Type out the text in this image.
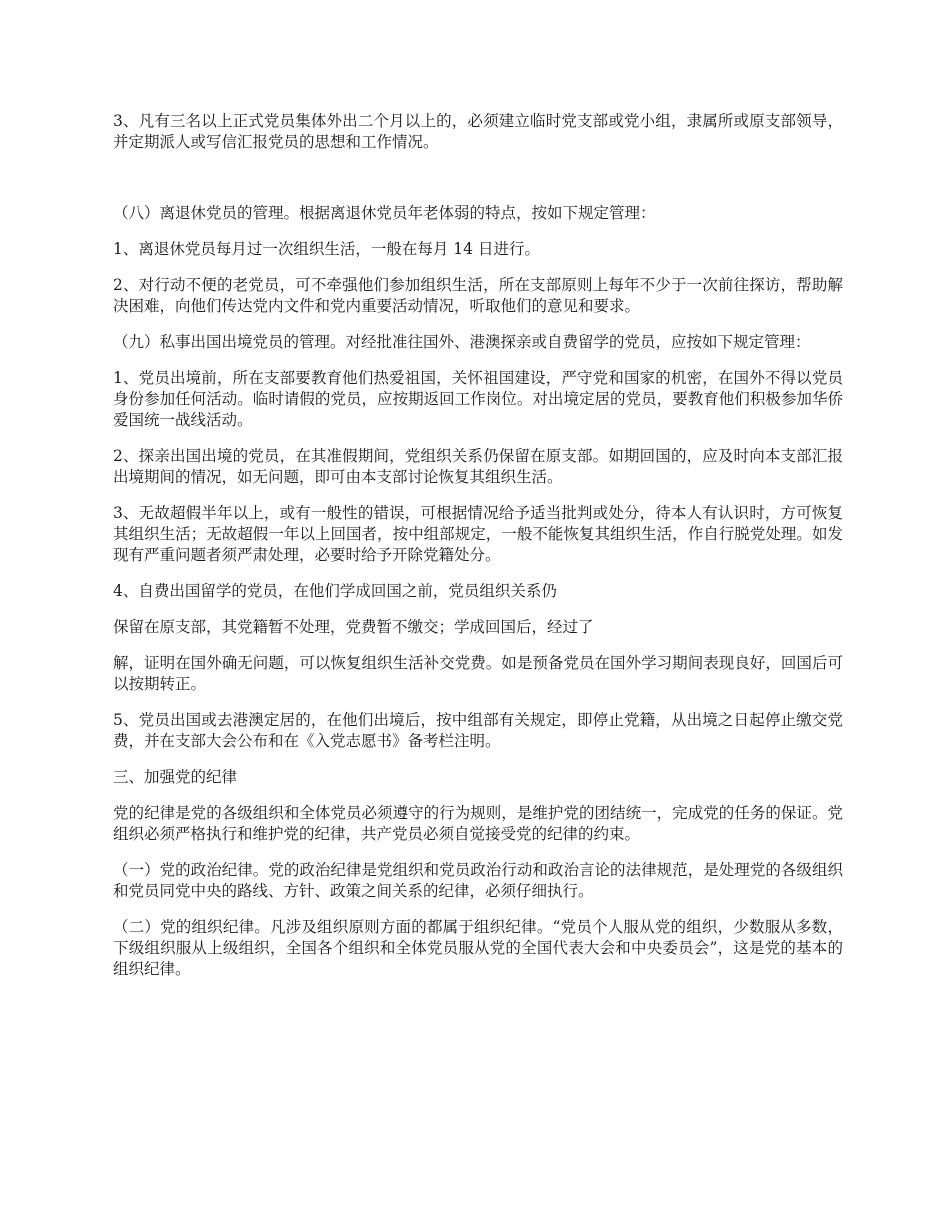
3、凡有三名以上正式党员集体外出二个月以上的，必须建立临时党支部或党小组，隶属所或原支部领导，并定期派人或写信汇报党员的思想和工作情况。

（八）离退休党员的管理。根据离退休党员年老体弱的特点，按如下规定管理：

1、离退休党员每月过一次组织生活，一般在每月 14 日进行。

2、对行动不便的老党员，可不牵强他们参加组织生活，所在支部原则上每年不少于一次前往探访，帮助解决困难，向他们传达党内文件和党内重要活动情况，听取他们的意见和要求。

（九）私事出国出境党员的管理。对经批准往国外、港澳探亲或自费留学的党员，应按如下规定管理：

1、党员出境前，所在支部要教育他们热爱祖国，关怀祖国建设，严守党和国家的机密，在国外不得以党员身份参加任何活动。临时请假的党员，应按期返回工作岗位。对出境定居的党员，要教育他们积极参加华侨爱国统一战线活动。

2、探亲出国出境的党员，在其准假期间，党组织关系仍保留在原支部。如期回国的，应及时向本支部汇报出境期间的情况，如无问题，即可由本支部讨论恢复其组织生活。

3、无故超假半年以上，或有一般性的错误，可根据情况给予适当批判或处分，待本人有认识时，方可恢复其组织生活；无故超假一年以上回国者，按中组部规定，一般不能恢复其组织生活，作自行脱党处理。如发现有严重问题者须严肃处理，必要时给予开除党籍处分。

4、自费出国留学的党员，在他们学成回国之前，党员组织关系仍

保留在原支部，其党籍暂不处理，党费暂不缴交；学成回国后，经过了

解，证明在国外确无问题，可以恢复组织生活补交党费。如是预备党员在国外学习期间表现良好，回国后可以按期转正。

5、党员出国或去港澳定居的，在他们出境后，按中组部有关规定，即停止党籍，从出境之日起停止缴交党费，并在支部大会公布和在《入党志愿书》备考栏注明。

三、加强党的纪律

党的纪律是党的各级组织和全体党员必须遵守的行为规则，是维护党的团结统一，完成党的任务的保证。党组织必须严格执行和维护党的纪律，共产党员必须自觉接受党的纪律的约束。

（一）党的政治纪律。党的政治纪律是党组织和党员政治行动和政治言论的法律规范，是处理党的各级组织和党员同党中央的路线、方针、政策之间关系的纪律，必须仔细执行。

（二）党的组织纪律。凡涉及组织原则方面的都属于组织纪律。“党员个人服从党的组织，少数服从多数，下级组织服从上级组织，全国各个组织和全体党员服从党的全国代表大会和中央委员会”，这是党的基本的组织纪律。
